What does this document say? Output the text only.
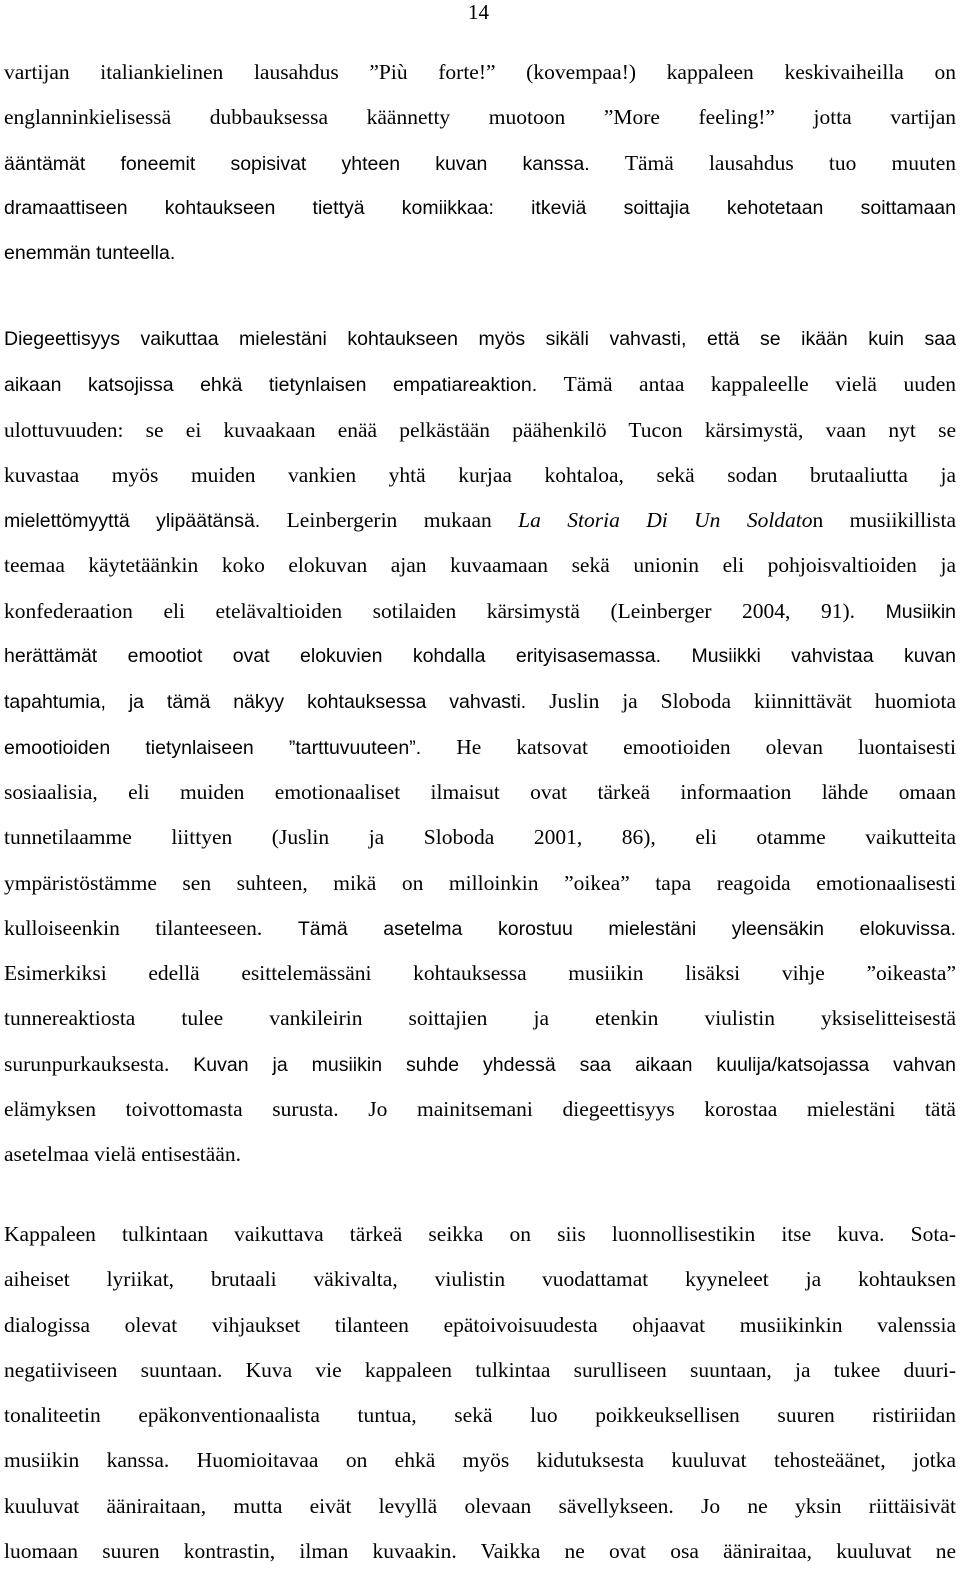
14
vartijan italiankielinen lausahdus ”Più forte!” (kovempaa!) kappaleen keskivaiheilla on
englanninkielisessä dubbauksessa käännetty muotoon ”More feeling!” jotta vartijan
ääntämät foneemit sopisivat yhteen kuvan kanssa. Tämä lausahdus tuo muuten
dramaattiseen kohtaukseen tiettyä komiikkaa: itkeviä soittajia kehotetaan soittamaan
enemmän tunteella.
Diegeettisyys vaikuttaa mielestäni kohtaukseen myös sikäli vahvasti, että se ikään kuin saa
aikaan katsojissa ehkä tietynlaisen empatiareaktion. Tämä antaa kappaleelle vielä uuden
ulottuvuuden: se ei kuvaakaan enää pelkästään päähenkilö Tucon kärsimystä, vaan nyt se
kuvastaa myös muiden vankien yhtä kurjaa kohtaloa, sekä sodan brutaaliutta ja
mielettömyyttä ylipäätänsä. Leinbergerin mukaan La Storia Di Un Soldaton musiikillista
teemaa käytetäänkin koko elokuvan ajan kuvaamaan sekä unionin eli pohjoisvaltioiden ja
konfederaation eli etelävaltioiden sotilaiden kärsimystä (Leinberger 2004, 91). Musiikin
herättämät emootiot ovat elokuvien kohdalla erityisasemassa. Musiikki vahvistaa kuvan
tapahtumia, ja tämä näkyy kohtauksessa vahvasti. Juslin ja Sloboda kiinnittävät huomiota
emootioiden tietynlaiseen ”tarttuvuuteen”. He katsovat emootioiden olevan luontaisesti
sosiaalisia, eli muiden emotionaaliset ilmaisut ovat tärkeä informaation lähde omaan
tunnetilaamme liittyen (Juslin ja Sloboda 2001, 86), eli otamme vaikutteita
ympäristöstämme sen suhteen, mikä on milloinkin ”oikea” tapa reagoida emotionaalisesti
kulloiseenkin tilanteeseen. Tämä asetelma korostuu mielestäni yleensäkin elokuvissa.
Esimerkiksi edellä esittelemässäni kohtauksessa musiikin lisäksi vihje ”oikeasta”
tunnereaktiosta tulee vankileirin soittajien ja etenkin viulistin yksiselitteisestä
surunpurkauksesta. Kuvan ja musiikin suhde yhdessä saa aikaan kuulija/katsojassa vahvan
elämyksen toivottomasta surusta. Jo mainitsemani diegeettisyys korostaa mielestäni tätä
asetelmaa vielä entisestään.
Kappaleen tulkintaan vaikuttava tärkeä seikka on siis luonnollisestikin itse kuva. Sota-
aiheiset lyriikat, brutaali väkivalta, viulistin vuodattamat kyyneleet ja kohtauksen
dialogissa olevat vihjaukset tilanteen epätoivoisuudesta ohjaavat musiikinkin valenssia
negatiiviseen suuntaan. Kuva vie kappaleen tulkintaa surulliseen suuntaan, ja tukee duuri-
tonaliteetin epäkonventionaalista tuntua, sekä luo poikkeuksellisen suuren ristiriidan
musiikin kanssa. Huomioitavaa on ehkä myös kidutuksesta kuuluvat tehosteäänet, jotka
kuuluvat ääniraitaan, mutta eivät levyllä olevaan sävellykseen. Jo ne yksin riittäisivät
luomaan suuren kontrastin, ilman kuvaakin. Vaikka ne ovat osa ääniraitaa, kuuluvat ne
